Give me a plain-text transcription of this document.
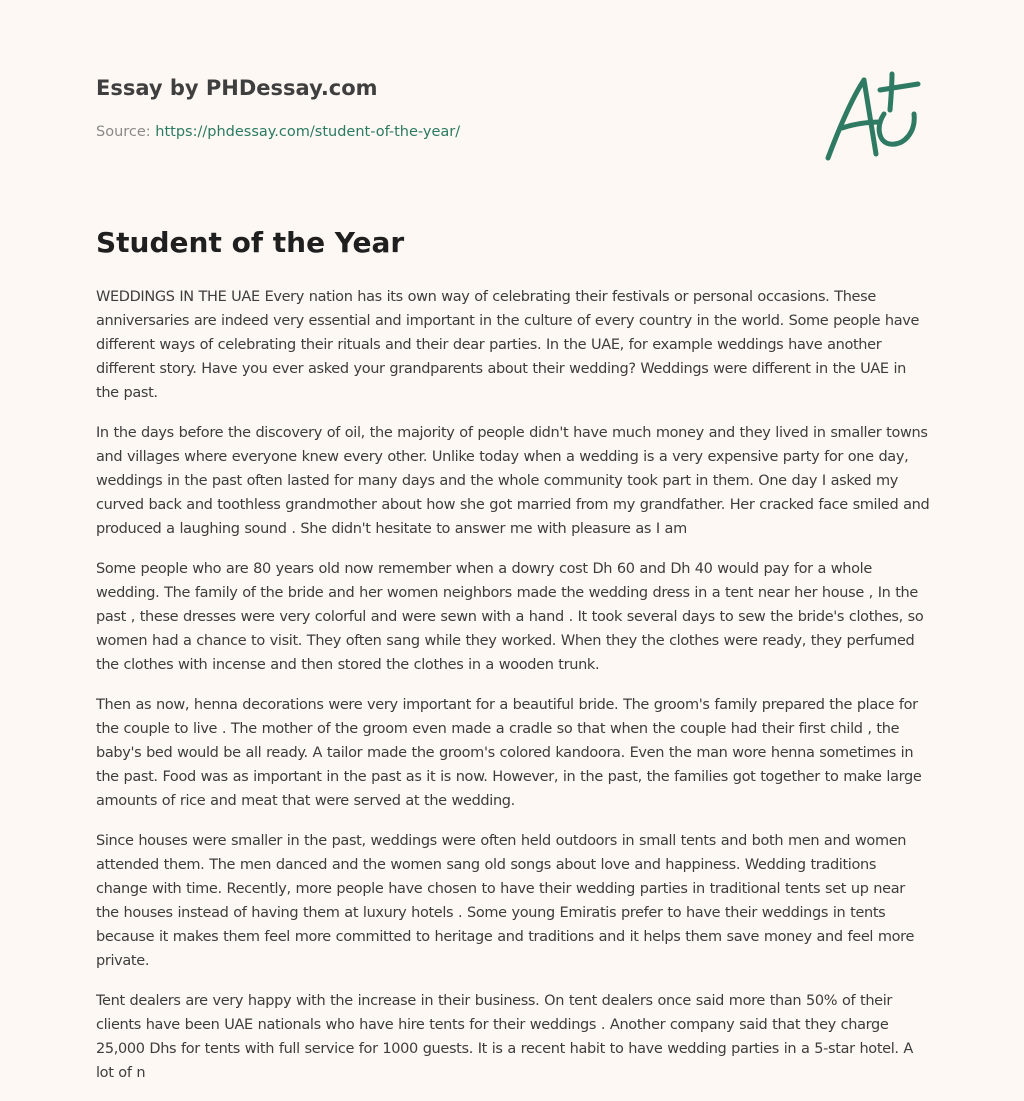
Essay by PHDessay.com
Source: https://phdessay.com/student-of-the-year/
Student of the Year

WEDDINGS IN THE UAE Every nation has its own way of celebrating their festivals or personal occasions. These anniversaries are indeed very essential and important in the culture of every country in the world. Some people have different ways of celebrating their rituals and their dear parties. In the UAE, for example weddings have another different story. Have you ever asked your grandparents about their wedding? Weddings were different in the UAE in the past.

In the days before the discovery of oil, the majority of people didn't have much money and they lived in smaller towns and villages where everyone knew every other. Unlike today when a wedding is a very expensive party for one day, weddings in the past often lasted for many days and the whole community took part in them. One day I asked my curved back and toothless grandmother about how she got married from my grandfather. Her cracked face smiled and produced a laughing sound . She didn't hesitate to answer me with pleasure as I am

Some people who are 80 years old now remember when a dowry cost Dh 60 and Dh 40 would pay for a whole wedding. The family of the bride and her women neighbors made the wedding dress in a tent near her house , In the past , these dresses were very colorful and were sewn with a hand . It took several days to sew the bride's clothes, so women had a chance to visit. They often sang while they worked. When they the clothes were ready, they perfumed the clothes with incense and then stored the clothes in a wooden trunk.

Then as now, henna decorations were very important for a beautiful bride. The groom's family prepared the place for the couple to live . The mother of the groom even made a cradle so that when the couple had their first child , the baby's bed would be all ready. A tailor made the groom's colored kandoora. Even the man wore henna sometimes in the past. Food was as important in the past as it is now. However, in the past, the families got together to make large amounts of rice and meat that were served at the wedding.

Since houses were smaller in the past, weddings were often held outdoors in small tents and both men and women attended them. The men danced and the women sang old songs about love and happiness. Wedding traditions change with time. Recently, more people have chosen to have their wedding parties in traditional tents set up near the houses instead of having them at luxury hotels . Some young Emiratis prefer to have their weddings in tents because it makes them feel more committed to heritage and traditions and it helps them save money and feel more private.

Tent dealers are very happy with the increase in their business. On tent dealers once said more than 50% of their clients have been UAE nationals who have hire tents for their weddings . Another company said that they charge 25,000 Dhs for tents with full service for 1000 guests. It is a recent habit to have wedding parties in a 5-star hotel. A lot of n
